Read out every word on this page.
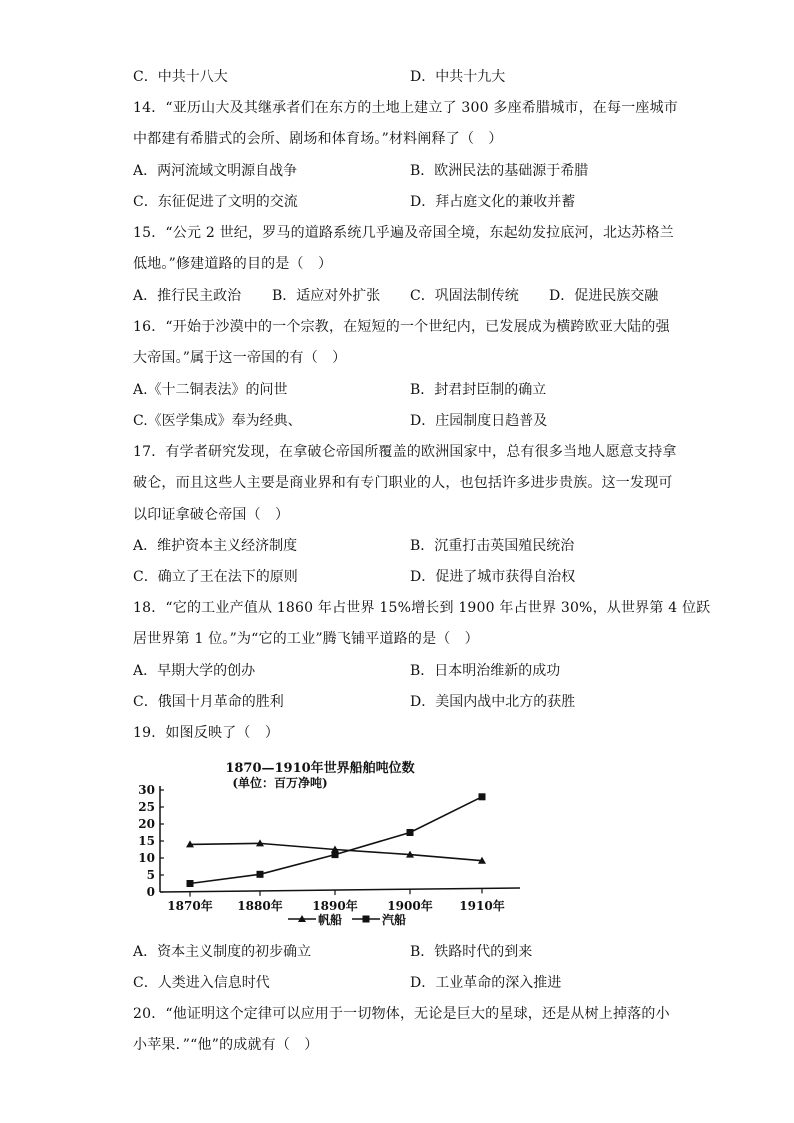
C．中共十八大	D．中共十九大
14．“亚历山大及其继承者们在东方的土地上建立了 300 多座希腊城市，在每一座城市
中都建有希腊式的会所、剧场和体育场。”材料阐释了（　）
A．两河流域文明源自战争	B．欧洲民法的基础源于希腊
C．东征促进了文明的交流	D．拜占庭文化的兼收并蓄
15．“公元 2 世纪，罗马的道路系统几乎遍及帝国全境，东起幼发拉底河，北达苏格兰
低地。”修建道路的目的是（　）
A．推行民主政治 B．适应对外扩张 C．巩固法制传统 D．促进民族交融
16．“开始于沙漠中的一个宗教，在短短的一个世纪内，已发展成为横跨欧亚大陆的强
大帝国。”属于这一帝国的有（　）
A.《十二铜表法》的问世	B．封君封臣制的确立
C.《医学集成》奉为经典、	D．庄园制度日趋普及
17．有学者研究发现，在拿破仑帝国所覆盖的欧洲国家中，总有很多当地人愿意支持拿
破仑，而且这些人主要是商业界和有专门职业的人，也包括许多进步贵族。这一发现可
以印证拿破仑帝国（　）
A．维护资本主义经济制度	B．沉重打击英国殖民统治
C．确立了王在法下的原则	D．促进了城市获得自治权
18．“它的工业产值从 1860 年占世界 15%增长到 1900 年占世界 30%，从世界第 4 位跃
居世界第 1 位。”为“它的工业”腾飞铺平道路的是（　）
A．早期大学的创办	B．日本明治维新的成功
C．俄国十月革命的胜利	D．美国内战中北方的获胜
19．如图反映了（　）
1870—1910年世界船舶吨位数
(单位：百万净吨)
0
5
10
15
20
25
30
1870年 1880年 1890年 1900年 1910年
帆船	汽船
A．资本主义制度的初步确立	B．铁路时代的到来
C．人类进入信息时代	D．工业革命的深入推进
20．“他证明这个定律可以应用于一切物体，无论是巨大的星球，还是从树上掉落的小
小苹果．”“他”的成就有（　）
